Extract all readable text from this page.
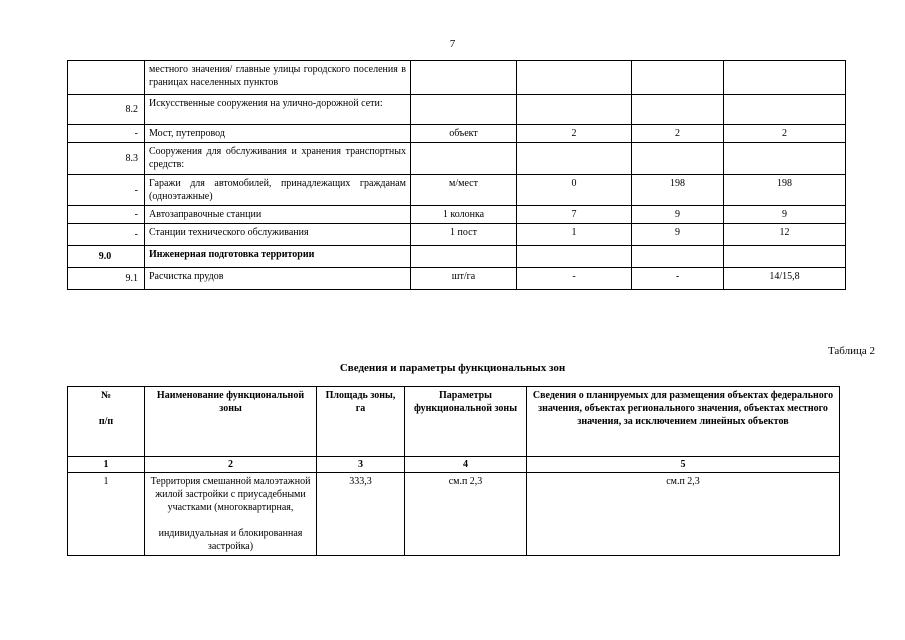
7
	местного значения/ главные улицы городского поселения в границах населенных пунктов				
8.2	Искусственные сооружения на улично-дорожной сети:				
-	Мост, путепровод	объект	2	2	2
8.3	Сооружения для обслуживания и хранения транспортных средств:				
-	Гаражи для автомобилей, принадлежащих гражданам (одноэтажные)	м/мест	0	198	198
-	Автозаправочные станции	1 колонка	7	9	9
-	Станции технического обслуживания	1 пост	1	9	12
9.0	Инженерная подготовка территории				
9.1	Расчистка прудов	шт/га	-	-	14/15,8
Таблица 2
Сведения и параметры функциональных зон
№

п/п	Наименование функциональной зоны	Площадь зоны, га	Параметры функциональной зоны	Сведения о планируемых для размещения объектах федерального значения, объектах регионального значения, объектах местного значения, за исключением линейных объектов
1	2	3	4	5
1	Территория смешанной малоэтажной жилой застройки с приусадебными участками (многоквартирная,

индивидуальная и блокированная застройка)	333,3	см.п 2,3	см.п 2,3
